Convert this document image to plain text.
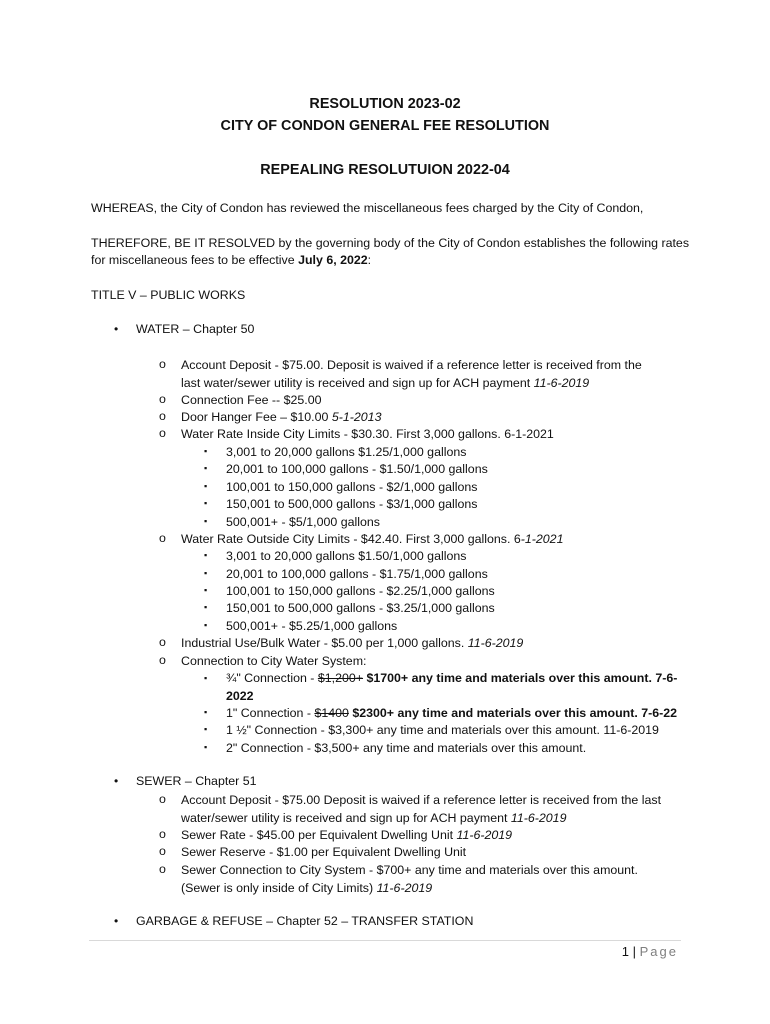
RESOLUTION 2023-02
CITY OF CONDON GENERAL FEE RESOLUTION
REPEALING RESOLUTUION 2022-04
WHEREAS, the City of Condon has reviewed the miscellaneous fees charged by the City of Condon,
THEREFORE, BE IT RESOLVED by the governing body of the City of Condon establishes the following rates
for miscellaneous fees to be effective July 6, 2022:
TITLE V – PUBLIC WORKS
• WATER – Chapter 50
o Account Deposit - $75.00. Deposit is waived if a reference letter is received from the
last water/sewer utility is received and sign up for ACH payment 11-6-2019
o Connection Fee -- $25.00
o Door Hanger Fee – $10.00 5-1-2013
o Water Rate Inside City Limits - $30.30. First 3,000 gallons. 6-1-2021
▪ 3,001 to 20,000 gallons $1.25/1,000 gallons
▪ 20,001 to 100,000 gallons - $1.50/1,000 gallons
▪ 100,001 to 150,000 gallons - $2/1,000 gallons
▪ 150,001 to 500,000 gallons - $3/1,000 gallons
▪ 500,001+ - $5/1,000 gallons
o Water Rate Outside City Limits - $42.40. First 3,000 gallons. 6-1-2021
▪ 3,001 to 20,000 gallons $1.50/1,000 gallons
▪ 20,001 to 100,000 gallons - $1.75/1,000 gallons
▪ 100,001 to 150,000 gallons - $2.25/1,000 gallons
▪ 150,001 to 500,000 gallons - $3.25/1,000 gallons
▪ 500,001+ - $5.25/1,000 gallons
o Industrial Use/Bulk Water - $5.00 per 1,000 gallons. 11-6-2019
o Connection to City Water System:
▪ ¾" Connection - $1,200+ $1700+ any time and materials over this amount. 7-6-
2022
▪ 1" Connection - $1400 $2300+ any time and materials over this amount. 7-6-22
▪ 1 ½" Connection - $3,300+ any time and materials over this amount. 11-6-2019
▪ 2" Connection - $3,500+ any time and materials over this amount.
• SEWER – Chapter 51
o Account Deposit - $75.00 Deposit is waived if a reference letter is received from the last
water/sewer utility is received and sign up for ACH payment 11-6-2019
o Sewer Rate - $45.00 per Equivalent Dwelling Unit 11-6-2019
o Sewer Reserve - $1.00 per Equivalent Dwelling Unit
o Sewer Connection to City System - $700+ any time and materials over this amount.
(Sewer is only inside of City Limits) 11-6-2019
• GARBAGE & REFUSE – Chapter 52 – TRANSFER STATION
1 | Page
